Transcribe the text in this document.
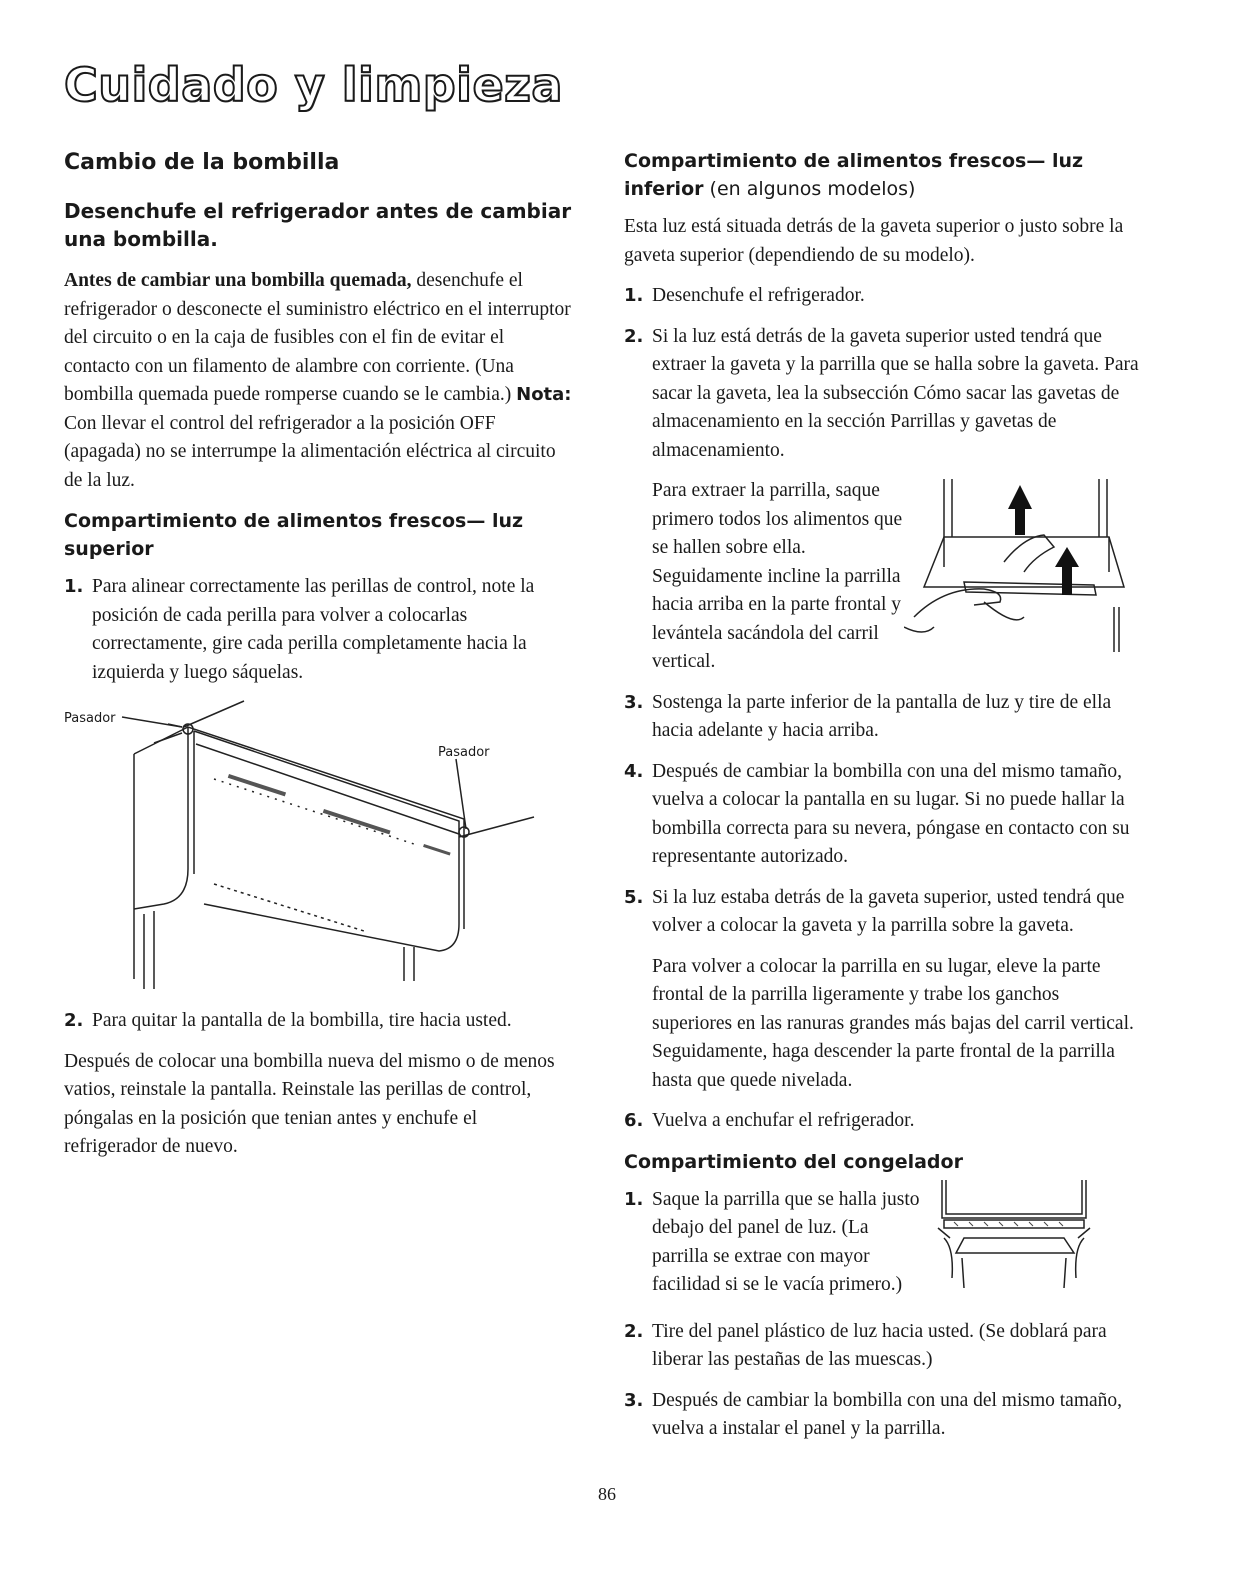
Cuidado y limpieza
Cambio de la bombilla
Desenchufe el refrigerador antes de cambiar una bombilla.

Antes de cambiar una bombilla quemada, desenchufe el refrigerador o desconecte el suministro eléctrico en el interruptor del circuito o en la caja de fusibles con el fin de evitar el contacto con un filamento de alambre con corriente. (Una bombilla quemada puede romperse cuando se le cambia.) Nota: Con llevar el control del refrigerador a la posición OFF (apagada) no se interrumpe la alimentación eléctrica al circuito de la luz.

Compartimiento de alimentos frescos— luz superior
1. Para alinear correctamente las perillas de control, note la posición de cada perilla para volver a colocarlas correctamente, gire cada perilla completamente hacia la izquierda y luego sáquelas.
Pasador
Pasador
2. Para quitar la pantalla de la bombilla, tire hacia usted.

Después de colocar una bombilla nueva del mismo o de menos vatios, reinstale la pantalla. Reinstale las perillas de control, póngalas en la posición que tenian antes y enchufe el refrigerador de nuevo.

Compartimiento de alimentos frescos— luz inferior (en algunos modelos)

Esta luz está situada detrás de la gaveta superior o justo sobre la gaveta superior (dependiendo de su modelo).

1. Desenchufe el refrigerador.
2. Si la luz está detrás de la gaveta superior usted tendrá que extraer la gaveta y la parrilla que se halla sobre la gaveta. Para sacar la gaveta, lea la subsección Cómo sacar las gavetas de almacenamiento en la sección Parrillas y gavetas de almacenamiento.
Para extraer la parrilla, saque primero todos los alimentos que se hallen sobre ella. Seguidamente incline la parrilla hacia arriba en la parte frontal y levántela sacándola del carril vertical.
3. Sostenga la parte inferior de la pantalla de luz y tire de ella hacia adelante y hacia arriba.
4. Después de cambiar la bombilla con una del mismo tamaño, vuelva a colocar la pantalla en su lugar. Si no puede hallar la bombilla correcta para su nevera, póngase en contacto con su representante autorizado.
5. Si la luz estaba detrás de la gaveta superior, usted tendrá que volver a colocar la gaveta y la parrilla sobre la gaveta.

Para volver a colocar la parrilla en su lugar, eleve la parte frontal de la parrilla ligeramente y trabe los ganchos superiores en las ranuras grandes más bajas del carril vertical. Seguidamente, haga descender la parte frontal de la parrilla hasta que quede nivelada.

6. Vuelva a enchufar el refrigerador.
Compartimiento del congelador
1. Saque la parrilla que se halla justo debajo del panel de luz. (La parrilla se extrae con mayor facilidad si se le vacía primero.)
2. Tire del panel plástico de luz hacia usted. (Se doblará para liberar las pestañas de las muescas.)
3. Después de cambiar la bombilla con una del mismo tamaño, vuelva a instalar el panel y la parrilla.
86
